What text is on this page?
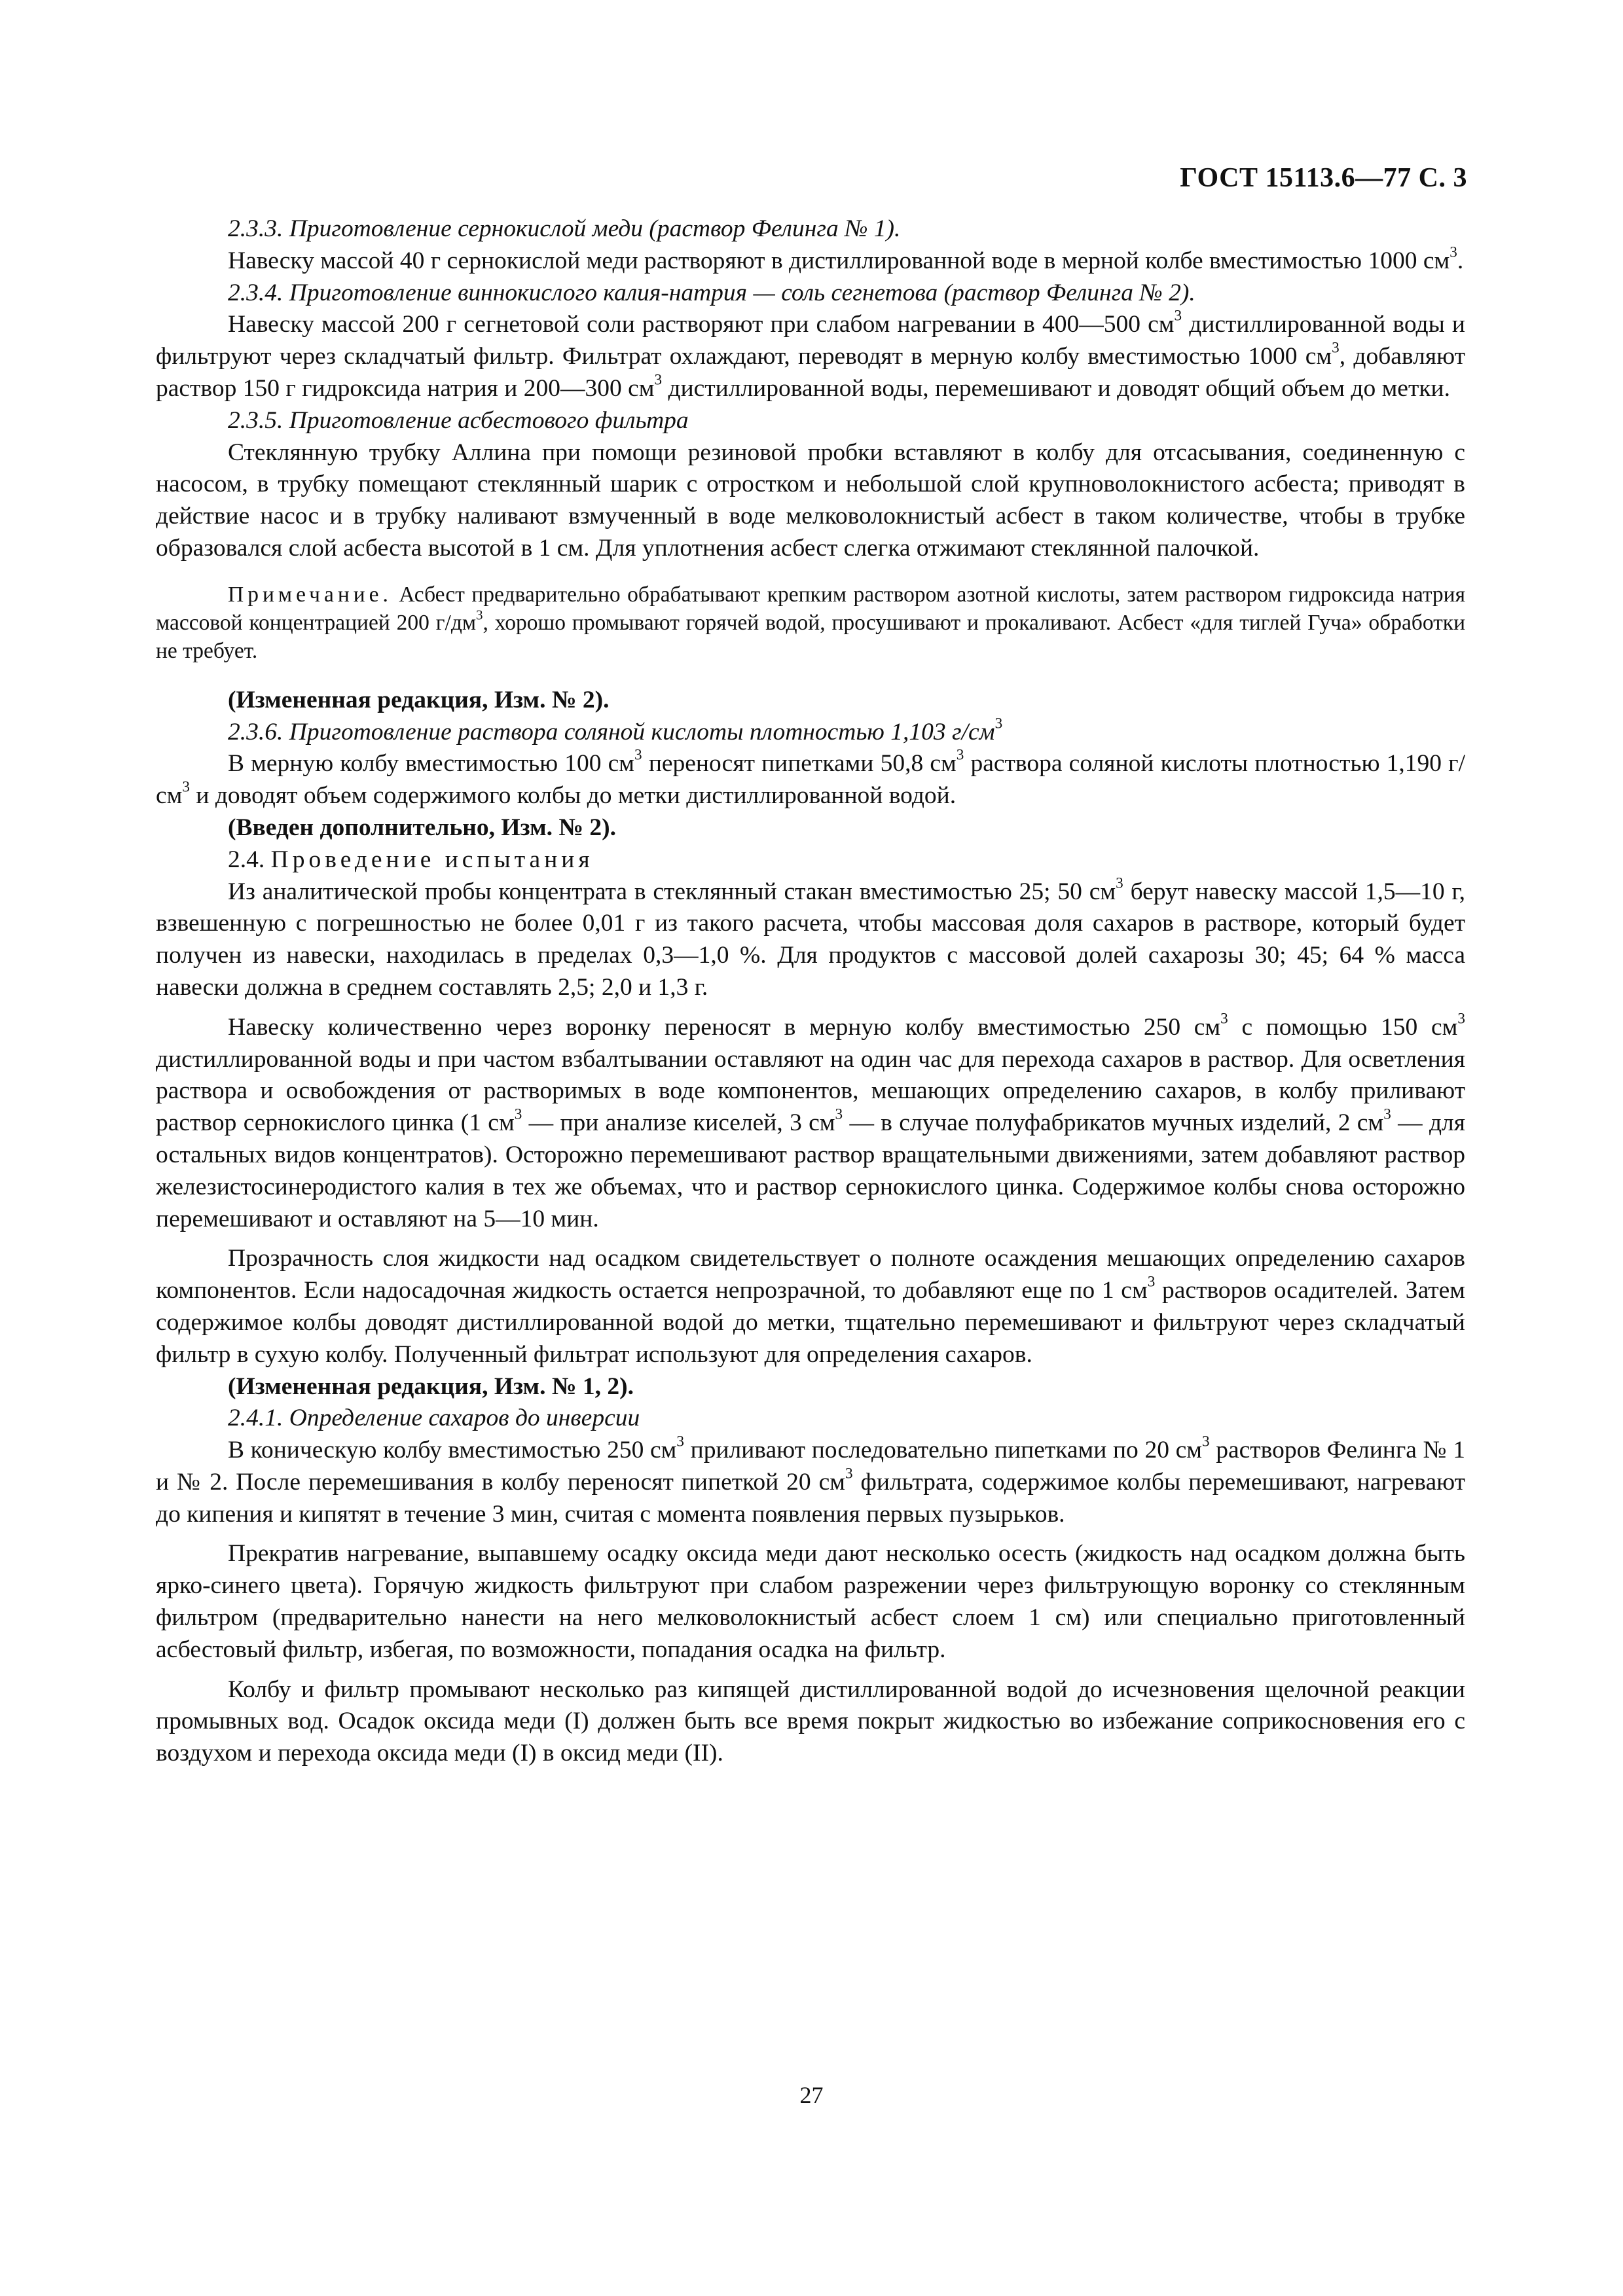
ГОСТ 15113.6—77 С. 3

2.3.3. Приготовление сернокислой меди (раствор Фелинга № 1).

Навеску массой 40 г сернокислой меди растворяют в дистиллированной воде в мерной колбе вместимостью 1000 $см^3$.

2.3.4. Приготовление виннокислого калия-натрия — соль сегнетова (раствор Фелинга № 2).

Навеску массой 200 г сегнетовой соли растворяют при слабом нагревании в 400—500 $см^3$ дистиллированной воды и фильтруют через складчатый фильтр. Фильтрат охлаждают, переводят в мерную колбу вместимостью 1000 $см^3$, добавляют раствор 150 г гидроксида натрия и 200—300 $см^3$ дистиллированной воды, перемешивают и доводят общий объем до метки.

2.3.5. Приготовление асбестового фильтра

Стеклянную трубку Аллина при помощи резиновой пробки вставляют в колбу для отсасывания, соединенную с насосом, в трубку помещают стеклянный шарик с отростком и небольшой слой крупноволокнистого асбеста; приводят в действие насос и в трубку наливают взмученный в воде мелковолокнистый асбест в таком количестве, чтобы в трубке образовался слой асбеста высотой в 1 см. Для уплотнения асбест слегка отжимают стеклянной палочкой.

Примечание. Асбест предварительно обрабатывают крепким раствором азотной кислоты, затем раствором гидроксида натрия массовой концентрацией 200 $г/дм^3$, хорошо промывают горячей водой, просушивают и прокаливают. Асбест «для тиглей Гуча» обработки не требует.

(Измененная редакция, Изм. № 2).

2.3.6. Приготовление раствора соляной кислоты плотностью 1,103 $г/см^3$

В мерную колбу вместимостью 100 $см^3$ переносят пипетками 50,8 $см^3$ раствора соляной кислоты плотностью 1,190 $г/см^3$ и доводят объем содержимого колбы до метки дистиллированной водой.

(Введен дополнительно, Изм. № 2).

2.4. Проведение испытания

Из аналитической пробы концентрата в стеклянный стакан вместимостью 25; 50 $см^3$ берут навеску массой 1,5—10 г, взвешенную с погрешностью не более 0,01 г из такого расчета, чтобы массовая доля сахаров в растворе, который будет получен из навески, находилась в пределах 0,3—1,0 %. Для продуктов с массовой долей сахарозы 30; 45; 64 % масса навески должна в среднем составлять 2,5; 2,0 и 1,3 г.

Навеску количественно через воронку переносят в мерную колбу вместимостью 250 $см^3$ с помощью 150 $см^3$ дистиллированной воды и при частом взбалтывании оставляют на один час для перехода сахаров в раствор. Для осветления раствора и освобождения от растворимых в воде компонентов, мешающих определению сахаров, в колбу приливают раствор сернокислого цинка (1 $см^3$ — при анализе киселей, 3 $см^3$ — в случае полуфабрикатов мучных изделий, 2 $см^3$ — для остальных видов концентратов). Осторожно перемешивают раствор вращательными движениями, затем добавляют раствор железистосинеродистого калия в тех же объемах, что и раствор сернокислого цинка. Содержимое колбы снова осторожно перемешивают и оставляют на 5—10 мин.

Прозрачность слоя жидкости над осадком свидетельствует о полноте осаждения мешающих определению сахаров компонентов. Если надосадочная жидкость остается непрозрачной, то добавляют еще по 1 $см^3$ растворов осадителей. Затем содержимое колбы доводят дистиллированной водой до метки, тщательно перемешивают и фильтруют через складчатый фильтр в сухую колбу. Полученный фильтрат используют для определения сахаров.

(Измененная редакция, Изм. № 1, 2).

2.4.1. Определение сахаров до инверсии

В коническую колбу вместимостью 250 $см^3$ приливают последовательно пипетками по 20 $см^3$ растворов Фелинга № 1 и № 2. После перемешивания в колбу переносят пипеткой 20 $см^3$ фильтрата, содержимое колбы перемешивают, нагревают до кипения и кипятят в течение 3 мин, считая с момента появления первых пузырьков.

Прекратив нагревание, выпавшему осадку оксида меди дают несколько осесть (жидкость над осадком должна быть ярко-синего цвета). Горячую жидкость фильтруют при слабом разрежении через фильтрующую воронку со стеклянным фильтром (предварительно нанести на него мелковолокнистый асбест слоем 1 см) или специально приготовленный асбестовый фильтр, избегая, по возможности, попадания осадка на фильтр.

Колбу и фильтр промывают несколько раз кипящей дистиллированной водой до исчезновения щелочной реакции промывных вод. Осадок оксида меди (I) должен быть все время покрыт жидкостью во избежание соприкосновения его с воздухом и перехода оксида меди (I) в оксид меди (II).

27
